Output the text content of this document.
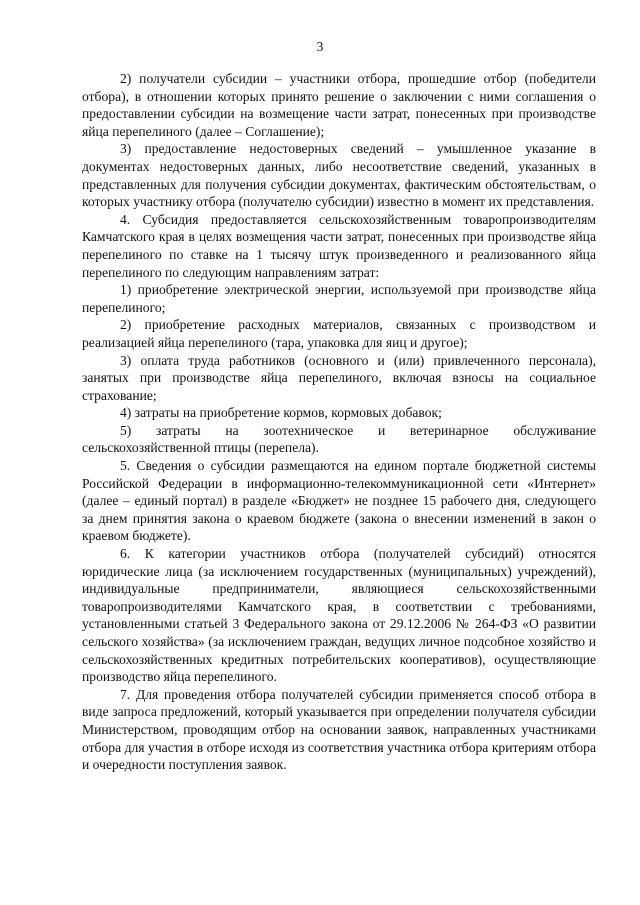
3

2) получатели субсидии – участники отбора, прошедшие отбор (победители отбора), в отношении которых принято решение о заключении с ними соглашения о предоставлении субсидии на возмещение части затрат, понесенных при производстве яйца перепелиного (далее – Соглашение);

3) предоставление недостоверных сведений – умышленное указание в документах недостоверных данных, либо несоответствие сведений, указанных в представленных для получения субсидии документах, фактическим обстоятельствам, о которых участнику отбора (получателю субсидии) известно в момент их представления.

4. Субсидия предоставляется сельскохозяйственным товаропроизводителям Камчатского края в целях возмещения части затрат, понесенных при производстве яйца перепелиного по ставке на 1 тысячу штук произведенного и реализованного яйца перепелиного по следующим направлениям затрат:

1) приобретение электрической энергии, используемой при производстве яйца перепелиного;

2) приобретение расходных материалов, связанных с производством и реализацией яйца перепелиного (тара, упаковка для яиц и другое);

3) оплата труда работников (основного и (или) привлеченного персонала), занятых при производстве яйца перепелиного, включая взносы на социальное страхование;

4) затраты на приобретение кормов, кормовых добавок;

5) затраты на зоотехническое и ветеринарное обслуживание сельскохозяйственной птицы (перепела).

5. Сведения о субсидии размещаются на едином портале бюджетной системы Российской Федерации в информационно-телекоммуникационной сети «Интернет» (далее – единый портал) в разделе «Бюджет» не позднее 15 рабочего дня, следующего за днем принятия закона о краевом бюджете (закона о внесении изменений в закон о краевом бюджете).

6. К категории участников отбора (получателей субсидий) относятся юридические лица (за исключением государственных (муниципальных) учреждений), индивидуальные предприниматели, являющиеся сельскохозяйственными товаропроизводителями Камчатского края, в соответствии с требованиями, установленными статьей 3 Федерального закона от 29.12.2006 № 264-ФЗ «О развитии сельского хозяйства» (за исключением граждан, ведущих личное подсобное хозяйство и сельскохозяйственных кредитных потребительских кооперативов), осуществляющие производство яйца перепелиного.

7. Для проведения отбора получателей субсидии применяется способ отбора в виде запроса предложений, который указывается при определении получателя субсидии Министерством, проводящим отбор на основании заявок, направленных участниками отбора для участия в отборе исходя из соответствия участника отбора критериям отбора и очередности поступления заявок.
